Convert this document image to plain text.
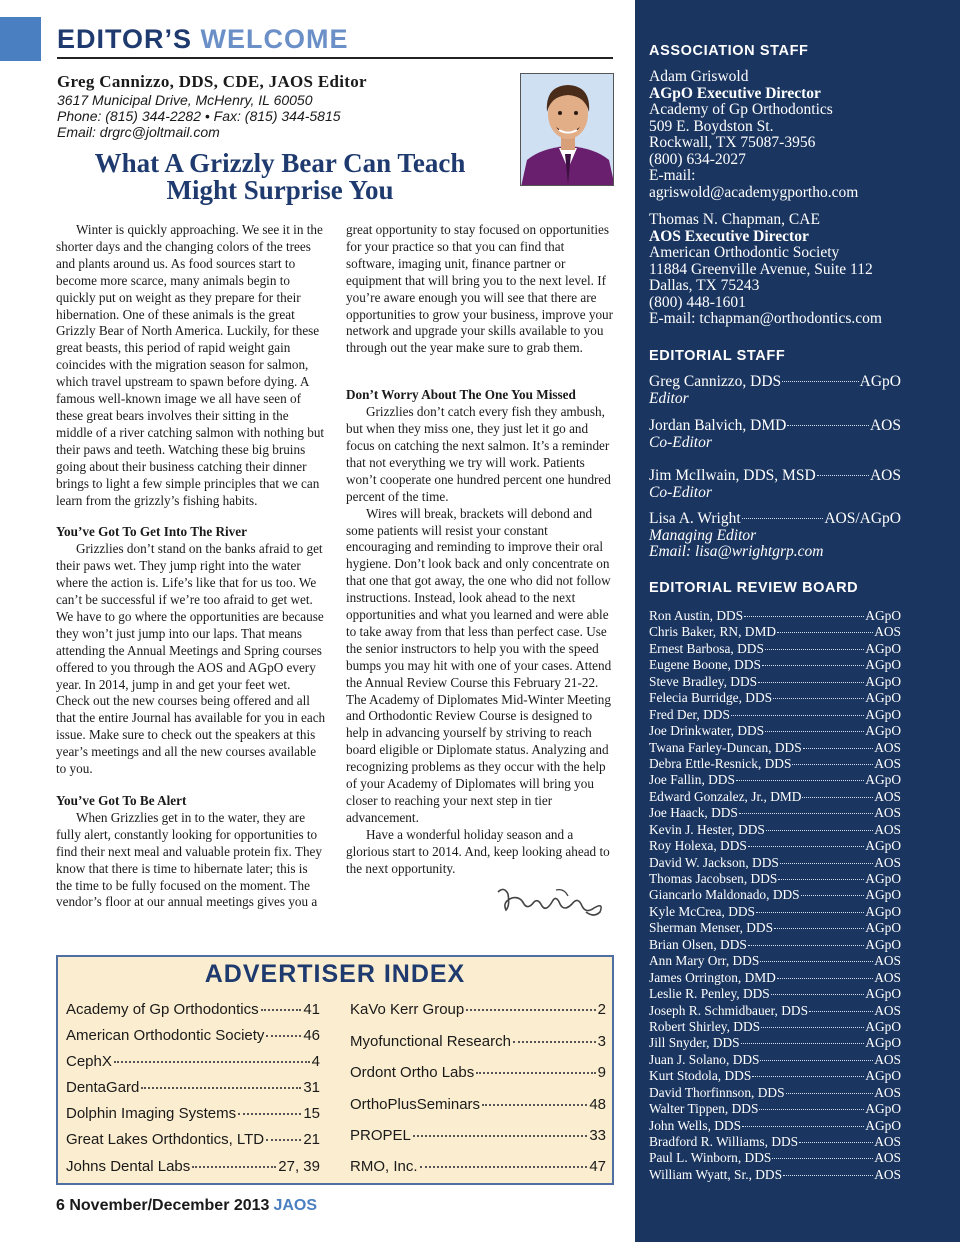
EDITOR’S WELCOME
Greg Cannizzo, DDS, CDE, JAOS Editor
3617 Municipal Drive, McHenry, IL 60050
Phone: (815) 344-2282 • Fax: (815) 344-5815
Email: drgrc@joltmail.com
What A Grizzly Bear Can Teach
Might Surprise You

Winter is quickly approaching. We see it in the shorter days and the changing colors of the trees and plants around us. As food sources start to become more scarce, many animals begin to quickly put on weight as they prepare for their hibernation. One of these animals is the great Grizzly Bear of North America. Luckily, for these great beasts, this period of rapid weight gain coincides with the migration season for salmon, which travel upstream to spawn before dying. A famous well-known image we all have seen of these great bears involves their sitting in the middle of a river catching salmon with nothing but their paws and teeth. Watching these big bruins going about their business catching their dinner brings to light a few simple principles that we can learn from the grizzly’s fishing habits.

You’ve Got To Get Into The River

Grizzlies don’t stand on the banks afraid to get their paws wet. They jump right into the water where the action is. Life’s like that for us too. We can’t be successful if we’re too afraid to get wet. We have to go where the opportunities are because they won’t just jump into our laps. That means attending the Annual Meetings and Spring courses offered to you through the AOS and AGpO every year. In 2014, jump in and get your feet wet. Check out the new courses being offered and all that the entire Journal has available for you in each issue. Make sure to check out the speakers at this year’s meetings and all the new courses available to you.

You’ve Got To Be Alert

When Grizzlies get in to the water, they are fully alert, constantly looking for opportunities to find their next meal and valuable protein fix. They know that there is time to hibernate later; this is the time to be fully focused on the moment. The vendor’s floor at our annual meetings gives you a

great opportunity to stay focused on opportunities for your practice so that you can find that software, imaging unit, finance partner or equipment that will bring you to the next level. If you’re aware enough you will see that there are opportunities to grow your business, improve your network and upgrade your skills available to you through out the year make sure to grab them.
Don’t Worry About The One You Missed

Grizzlies don’t catch every fish they ambush, but when they miss one, they just let it go and focus on catching the next salmon. It’s a reminder that not everything we try will work. Patients won’t cooperate one hundred percent one hundred percent of the time.

Wires will break, brackets will debond and some patients will resist your constant encouraging and reminding to improve their oral hygiene. Don’t look back and only concentrate on that one that got away, the one who did not follow instructions. Instead, look ahead to the next opportunities and what you learned and were able to take away from that less than perfect case. Use the senior instructors to help you with the speed bumps you may hit with one of your cases. Attend the Annual Review Course this February 21-22. The Academy of Diplomates Mid-Winter Meeting and Orthodontic Review Course is designed to help in advancing yourself by striving to reach board eligible or Diplomate status. Analyzing and recognizing problems as they occur with the help of your Academy of Diplomates will bring you closer to reaching your next step in tier advancement.

Have a wonderful holiday season and a glorious start to 2014. And, keep looking ahead to the next opportunity.

ADVERTISER INDEX
Academy of Gp Orthodontics	41
American Orthodontic Society	46
CephX	4
DentaGard	31
Dolphin Imaging Systems	15
Great Lakes Orthdontics, LTD	21
Johns Dental Labs	27, 39
KaVo Kerr Group	2
Myofunctional Research	3
Ordont Ortho Labs	9
OrthoPlusSeminars	48
PROPEL	33
RMO, Inc.	47
6 November/December 2013 JAOS
ASSOCIATION STAFF
Adam Griswold
AGpO Executive Director
Academy of Gp Orthodontics
509 E. Boydston St.
Rockwall, TX 75087-3956
(800) 634-2027
E-mail:
agriswold@academygportho.com
Thomas N. Chapman, CAE
AOS Executive Director
American Orthodontic Society
11884 Greenville Avenue, Suite 112
Dallas, TX 75243
(800) 448-1601
E-mail: tchapman@orthodontics.com
EDITORIAL STAFF
Greg Cannizzo, DDS	AGpO
Editor
Jordan Balvich, DMD	AOS
Co-Editor
Jim McIlwain, DDS, MSD	AOS
Co-Editor
Lisa A. Wright	AOS/AGpO
Managing Editor
Email: lisa@wrightgrp.com
EDITORIAL REVIEW BOARD
Ron Austin, DDS	AGpO
Chris Baker, RN, DMD	AOS
Ernest Barbosa, DDS	AGpO
Eugene Boone, DDS	AGpO
Steve Bradley, DDS	AGpO
Felecia Burridge, DDS	AGpO
Fred Der, DDS	AGpO
Joe Drinkwater, DDS	AGpO
Twana Farley-Duncan, DDS	AOS
Debra Ettle-Resnick, DDS	AOS
Joe Fallin, DDS	AGpO
Edward Gonzalez, Jr., DMD	AOS
Joe Haack, DDS	AOS
Kevin J. Hester, DDS	AOS
Roy Holexa, DDS	AGpO
David W. Jackson, DDS	AOS
Thomas Jacobsen, DDS	AGpO
Giancarlo Maldonado, DDS	AGpO
Kyle McCrea, DDS	AGpO
Sherman Menser, DDS	AGpO
Brian Olsen, DDS	AGpO
Ann Mary Orr, DDS	AOS
James Orrington, DMD	AOS
Leslie R. Penley, DDS	AGpO
Joseph R. Schmidbauer, DDS	AOS
Robert Shirley, DDS	AGpO
Jill Snyder, DDS	AGpO
Juan J. Solano, DDS	AOS
Kurt Stodola, DDS	AGpO
David Thorfinnson, DDS	AOS
Walter Tippen, DDS	AGpO
John Wells, DDS	AGpO
Bradford R. Williams, DDS	AOS
Paul L. Winborn, DDS	AOS
William Wyatt, Sr., DDS	AOS
